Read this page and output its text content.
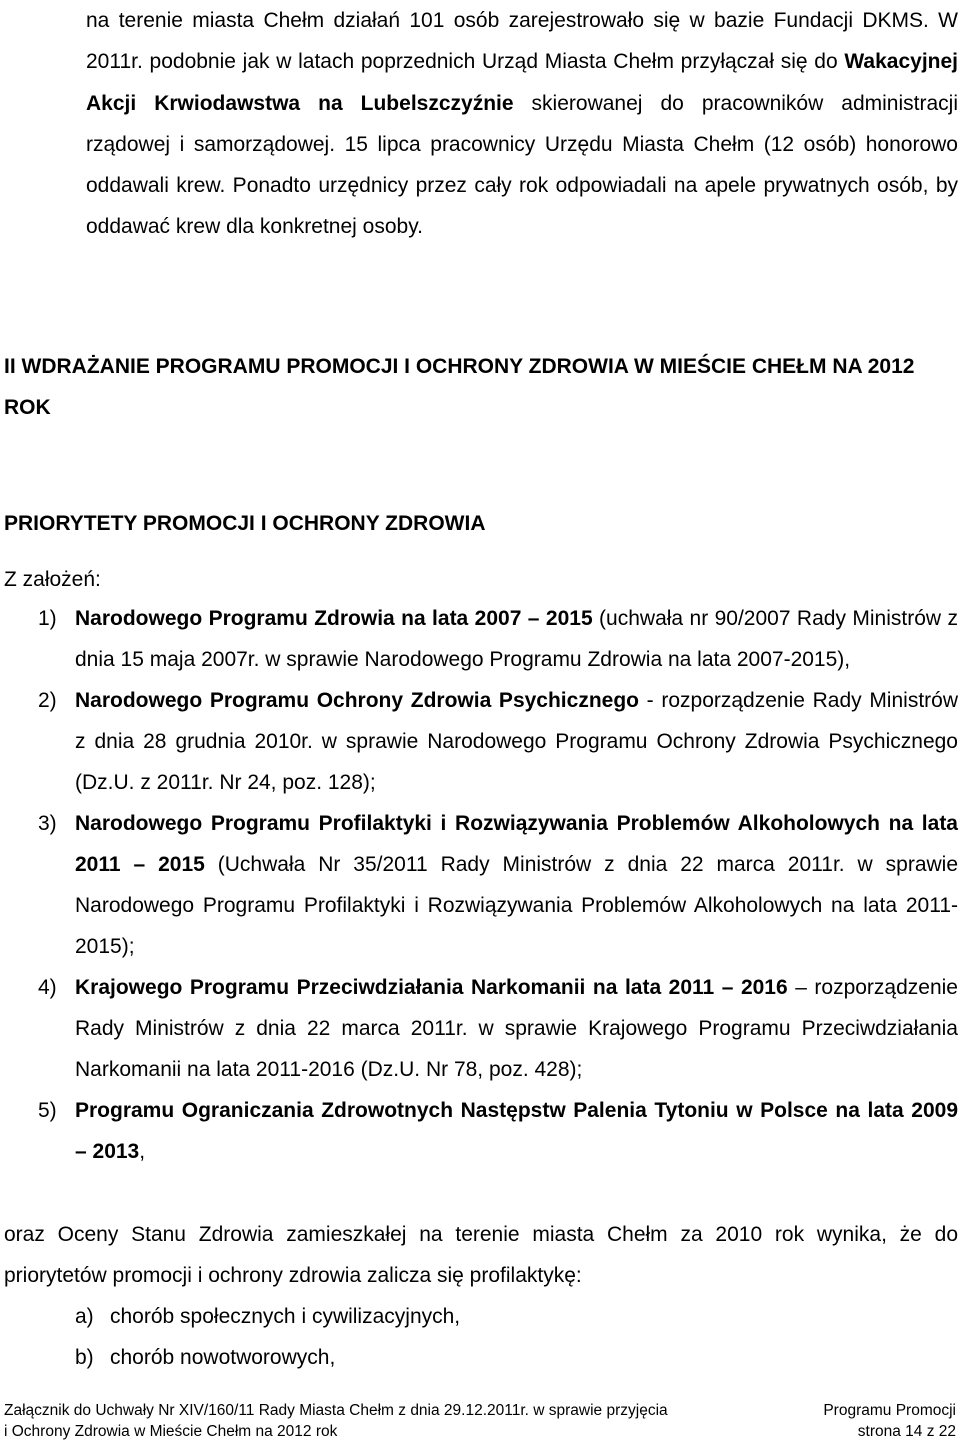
na terenie miasta Chełm działań 101 osób zarejestrowało się w bazie Fundacji DKMS. W 2011r. podobnie jak w latach poprzednich Urząd Miasta Chełm przyłączał się do Wakacyjnej Akcji Krwiodawstwa na Lubelszczyźnie skierowanej do pracowników administracji rządowej i samorządowej. 15 lipca pracownicy Urzędu Miasta Chełm (12 osób) honorowo oddawali krew. Ponadto urzędnicy przez cały rok odpowiadali na apele prywatnych osób, by oddawać krew dla konkretnej osoby.

II WDRAŻANIE PROGRAMU PROMOCJI I OCHRONY ZDROWIA W MIEŚCIE CHEŁM NA 2012 ROK

PRIORYTETY PROMOCJI I OCHRONY ZDROWIA

Z założeń:

1) Narodowego Programu Zdrowia na lata 2007 – 2015 (uchwała nr 90/2007 Rady Ministrów z dnia 15 maja 2007r. w sprawie Narodowego Programu Zdrowia na lata 2007-2015),
2) Narodowego Programu Ochrony Zdrowia Psychicznego - rozporządzenie Rady Ministrów z dnia 28 grudnia 2010r. w sprawie Narodowego Programu Ochrony Zdrowia Psychicznego (Dz.U. z 2011r. Nr 24, poz. 128);
3) Narodowego Programu Profilaktyki i Rozwiązywania Problemów Alkoholowych na lata 2011 – 2015 (Uchwała Nr 35/2011 Rady Ministrów z dnia 22 marca 2011r. w sprawie Narodowego Programu Profilaktyki i Rozwiązywania Problemów Alkoholowych na lata 2011-2015);
4) Krajowego Programu Przeciwdziałania Narkomanii na lata 2011 – 2016 – rozporządzenie Rady Ministrów z dnia 22 marca 2011r. w sprawie Krajowego Programu Przeciwdziałania Narkomanii na lata 2011-2016 (Dz.U. Nr 78, poz. 428);
5) Programu Ograniczania Zdrowotnych Następstw Palenia Tytoniu w Polsce na lata 2009 – 2013,

oraz Oceny Stanu Zdrowia zamieszkałej na terenie miasta Chełm za 2010 rok wynika, że do priorytetów promocji i ochrony zdrowia zalicza się profilaktykę:

a) chorób społecznych i cywilizacyjnych,
b) chorób nowotworowych,
Załącznik do Uchwały Nr XIV/160/11 Rady Miasta Chełm z dnia 29.12.2011r. w sprawie przyjęcia	Programu Promocji
i Ochrony Zdrowia w Mieście Chełm na 2012 rok	strona 14 z 22
